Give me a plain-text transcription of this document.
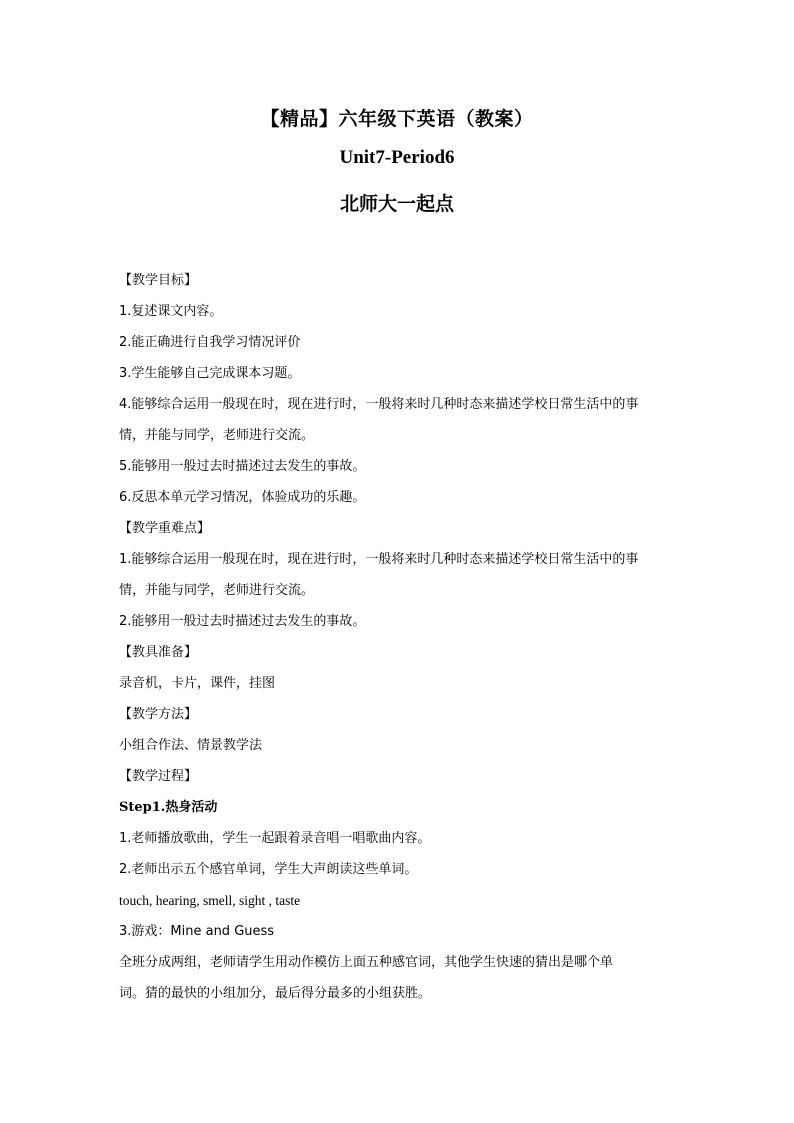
【精品】六年级下英语（教案）
Unit7-Period6
北师大一起点
【教学目标】
1.复述课文内容。
2.能正确进行自我学习情况评价
3.学生能够自己完成课本习题。
4.能够综合运用一般现在时，现在进行时，一般将来时几种时态来描述学校日常生活中的事
情，并能与同学，老师进行交流。
5.能够用一般过去时描述过去发生的事故。
6.反思本单元学习情况，体验成功的乐趣。
【教学重难点】
1.能够综合运用一般现在时，现在进行时，一般将来时几种时态来描述学校日常生活中的事
情，并能与同学，老师进行交流。
2.能够用一般过去时描述过去发生的事故。
【教具准备】
录音机，卡片，课件，挂图
【教学方法】
小组合作法、情景教学法
【教学过程】
Step1.热身活动
1.老师播放歌曲，学生一起跟着录音唱一唱歌曲内容。
2.老师出示五个感官单词，学生大声朗读这些单词。
touch, hearing, smell, sight , taste
3.游戏：Mine and Guess
全班分成两组，老师请学生用动作模仿上面五种感官词，其他学生快速的猜出是哪个单
词。猜的最快的小组加分，最后得分最多的小组获胜。
